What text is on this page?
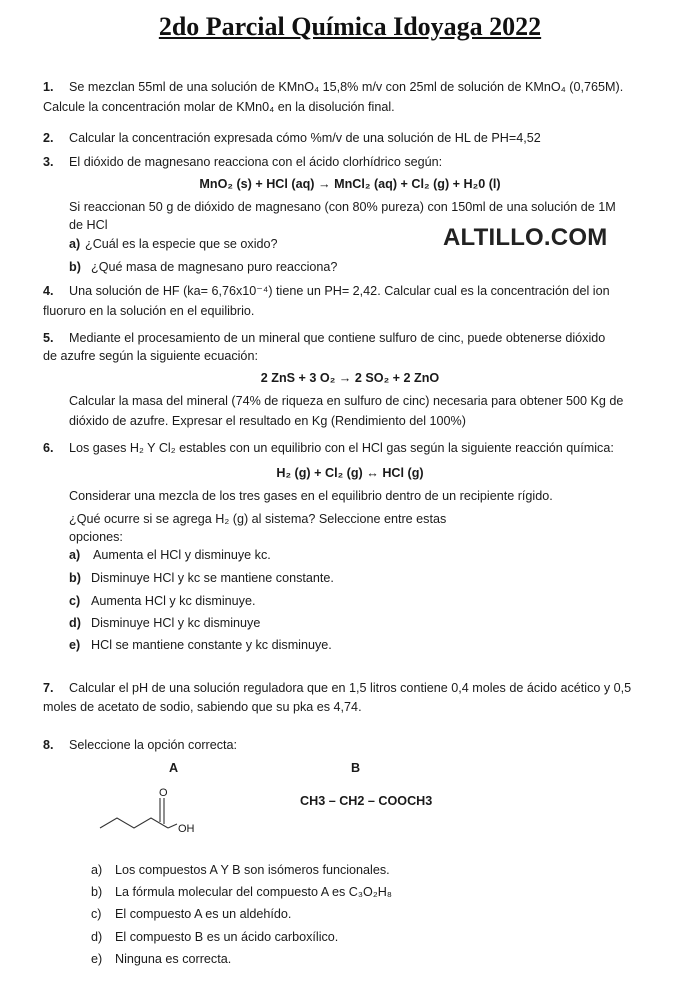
2do Parcial Química Idoyaga 2022
1. Se mezclan 55ml de una solución de KMnO₄ 15,8% m/v con 25ml de solución de KMnO₄ (0,765M).
Calcule la concentración molar de KMn0₄ en la disolución final.
2. Calcular la concentración expresada cómo %m/v de una solución de HL de PH=4,52
3. El dióxido de magnesano reacciona con el ácido clorhídrico según:
MnO₂ (s) + HCl (aq) → MnCl₂ (aq) + Cl₂ (g) + H₂0 (l)
Si reaccionan 50 g de dióxido de magnesano (con 80% pureza) con 150ml de una solución de 1M
de HCl
a) ¿Cuál es la especie que se oxido?	ALTILLO.COM
b) ¿Qué masa de magnesano puro reacciona?
4. Una solución de HF (ka= 6,76x10⁻⁴) tiene un PH= 2,42. Calcular cual es la concentración del ion
fluoruro en la solución en el equilibrio.
5. Mediante el procesamiento de un mineral que contiene sulfuro de cinc, puede obtenerse dióxido
de azufre según la siguiente ecuación:
2 ZnS + 3 O₂ → 2 SO₂ + 2 ZnO
Calcular la masa del mineral (74% de riqueza en sulfuro de cinc) necesaria para obtener 500 Kg de
dióxido de azufre. Expresar el resultado en Kg (Rendimiento del 100%)
6. Los gases H₂ Y Cl₂ estables con un equilibrio con el HCl gas según la siguiente reacción química:
H₂ (g) + Cl₂ (g) ↔ HCl (g)
Considerar una mezcla de los tres gases en el equilibrio dentro de un recipiente rígido.
¿Qué ocurre si se agrega H₂ (g) al sistema? Seleccione entre estas
opciones:
a) Aumenta el HCl y disminuye kc.
b) Disminuye HCl y kc se mantiene constante.
c) Aumenta HCl y kc disminuye.
d) Disminuye HCl y kc disminuye
e) HCl se mantiene constante y kc disminuye.
7. Calcular el pH de una solución reguladora que en 1,5 litros contiene 0,4 moles de ácido acético y 0,5
moles de acetato de sodio, sabiendo que su pka es 4,74.
8. Seleccione la opción correcta:
A	B
O
OH
CH3 – CH2 – COOCH3
a) Los compuestos A Y B son isómeros funcionales.
b) La fórmula molecular del compuesto A es C₃O₂H₈
c) El compuesto A es un aldehído.
d) El compuesto B es un ácido carboxílico.
e) Ninguna es correcta.
